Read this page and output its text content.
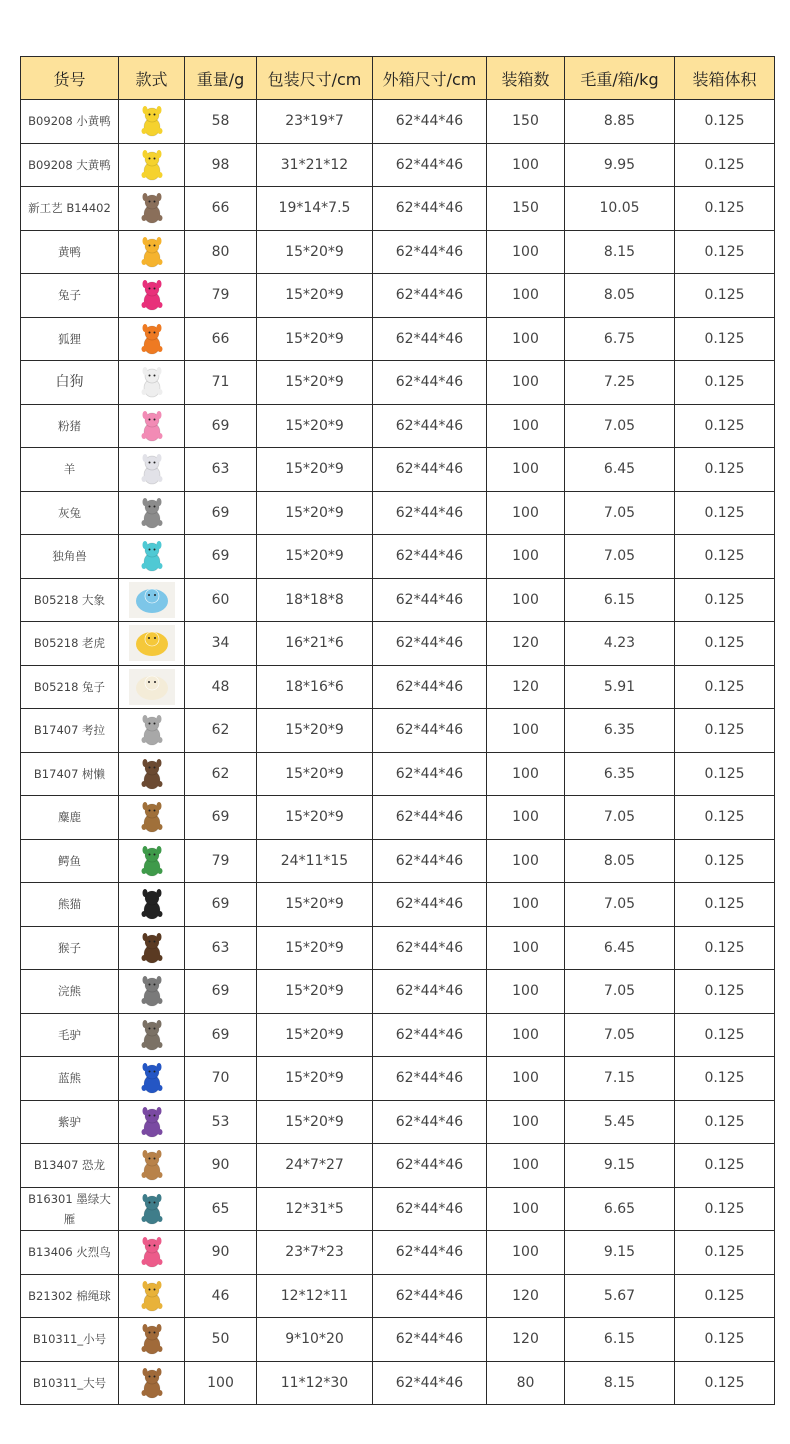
货号	款式	重量/g	包装尺寸/cm	外箱尺寸/cm	装箱数	毛重/箱/kg	装箱体积
B09208 小黄鸭		58	23*19*7	62*44*46	150	8.85	0.125
B09208 大黄鸭		98	31*21*12	62*44*46	100	9.95	0.125
新工艺 B14402		66	19*14*7.5	62*44*46	150	10.05	0.125
黄鸭		80	15*20*9	62*44*46	100	8.15	0.125
兔子		79	15*20*9	62*44*46	100	8.05	0.125
狐狸		66	15*20*9	62*44*46	100	6.75	0.125
白狗		71	15*20*9	62*44*46	100	7.25	0.125
粉猪		69	15*20*9	62*44*46	100	7.05	0.125
羊		63	15*20*9	62*44*46	100	6.45	0.125
灰兔		69	15*20*9	62*44*46	100	7.05	0.125
独角兽		69	15*20*9	62*44*46	100	7.05	0.125
B05218 大象		60	18*18*8	62*44*46	100	6.15	0.125
B05218 老虎		34	16*21*6	62*44*46	120	4.23	0.125
B05218 兔子		48	18*16*6	62*44*46	120	5.91	0.125
B17407 考拉		62	15*20*9	62*44*46	100	6.35	0.125
B17407 树懒		62	15*20*9	62*44*46	100	6.35	0.125
麋鹿		69	15*20*9	62*44*46	100	7.05	0.125
鳄鱼		79	24*11*15	62*44*46	100	8.05	0.125
熊猫		69	15*20*9	62*44*46	100	7.05	0.125
猴子		63	15*20*9	62*44*46	100	6.45	0.125
浣熊		69	15*20*9	62*44*46	100	7.05	0.125
毛驴		69	15*20*9	62*44*46	100	7.05	0.125
蓝熊		70	15*20*9	62*44*46	100	7.15	0.125
紫驴		53	15*20*9	62*44*46	100	5.45	0.125
B13407 恐龙		90	24*7*27	62*44*46	100	9.15	0.125
B16301 墨绿大雁		65	12*31*5	62*44*46	100	6.65	0.125
B13406 火烈鸟		90	23*7*23	62*44*46	100	9.15	0.125
B21302 棉绳球		46	12*12*11	62*44*46	120	5.67	0.125
B10311_小号		50	9*10*20	62*44*46	120	6.15	0.125
B10311_大号		100	11*12*30	62*44*46	80	8.15	0.125
